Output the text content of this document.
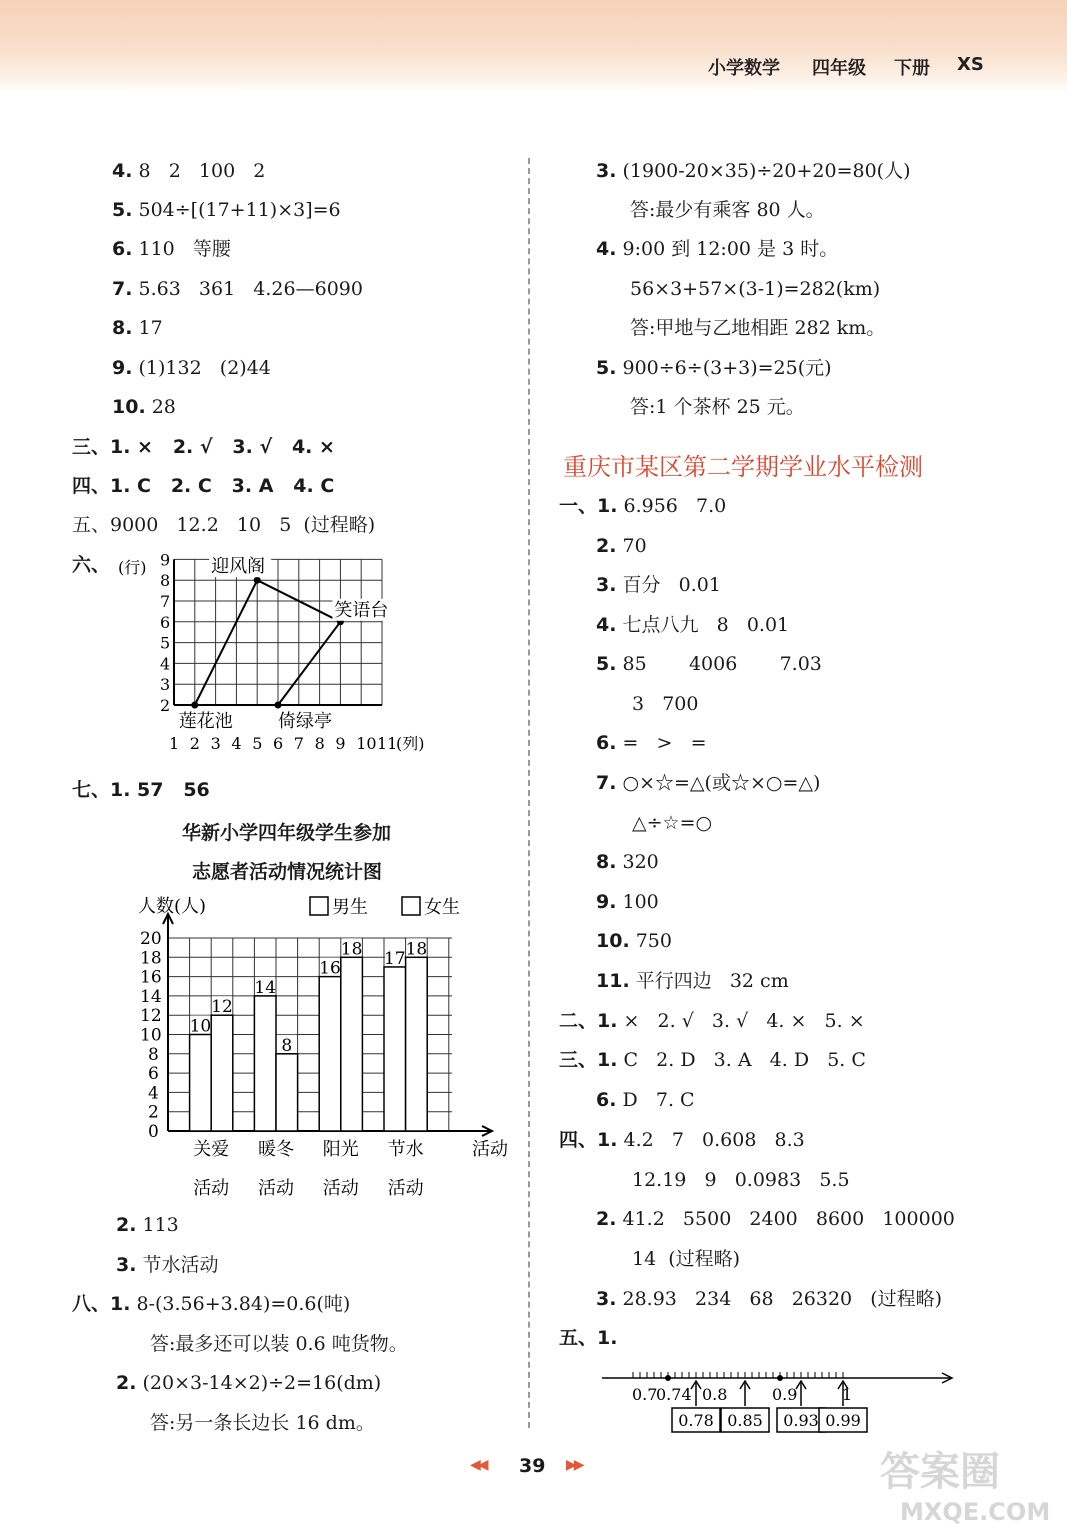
小学数学 四年级 下册 XS
4. 8   2   100   2
5. 504÷[(17+11)×3]=6
6. 110   等腰
7. 5.63   361   4.26—6090
8. 17
9. (1)132   (2)44
10. 28
三、1. ×   2. √   3. √   4. ×
四、1. C   2. C   3. A   4. C
五、9000   12.2   10   5  (过程略)
六、 (行)
2
3
4
5
6
7
8
9
1 2 3 4 5 6 7 8 9 10 11
(列)
莲花池
迎风阁
笑语台
倚绿亭
七、1. 57   56
华新小学四年级学生参加
志愿者活动情况统计图
人数(人)	男生	女生
0
2
4
6
8
10
12
14
16
18
20
10
12
关爱
活动
14
8
暖冬
活动
16
18
阳光
活动
17 18
节水
活动
活动
2. 113
3. 节水活动
八、1. 8-(3.56+3.84)=0.6(吨)
答:最多还可以装 0.6 吨货物。
2. (20×3-14×2)÷2=16(dm)
答:另一条长边长 16 dm。
3. (1900-20×35)÷20+20=80(人)
答:最少有乘客 80 人。
4. 9:00 到 12:00 是 3 时。
56×3+57×(3-1)=282(km)
答:甲地与乙地相距 282 km。
5. 900÷6÷(3+3)=25(元)
答:1 个茶杯 25 元。
重庆市某区第二学期学业水平检测
一、1. 6.956   7.0
2. 70
3. 百分   0.01
4. 七点八九   8   0.01
5. 85       4006       7.03
3   700
6. =   >   =
7. ○×☆=△(或☆×○=△)
△÷☆=○
8. 320
9. 100
10. 750
11. 平行四边   32 cm
二、1. ×   2. √   3. √   4. ×   5. ×
三、1. C   2. D   3. A   4. D   5. C
6. D   7. C
四、1. 4.2   7   0.608   8.3
12.19   9   0.0983   5.5
2. 41.2   5500   2400   8600   100000
14  (过程略)
3. 28.93   234   68   26320   (过程略)
五、1.
0.7
0.74 0.8	0.9	1
0.78 0.85 0.93 0.99
◀◀ 39 ▶▶	答案圈
MXQE.COM
